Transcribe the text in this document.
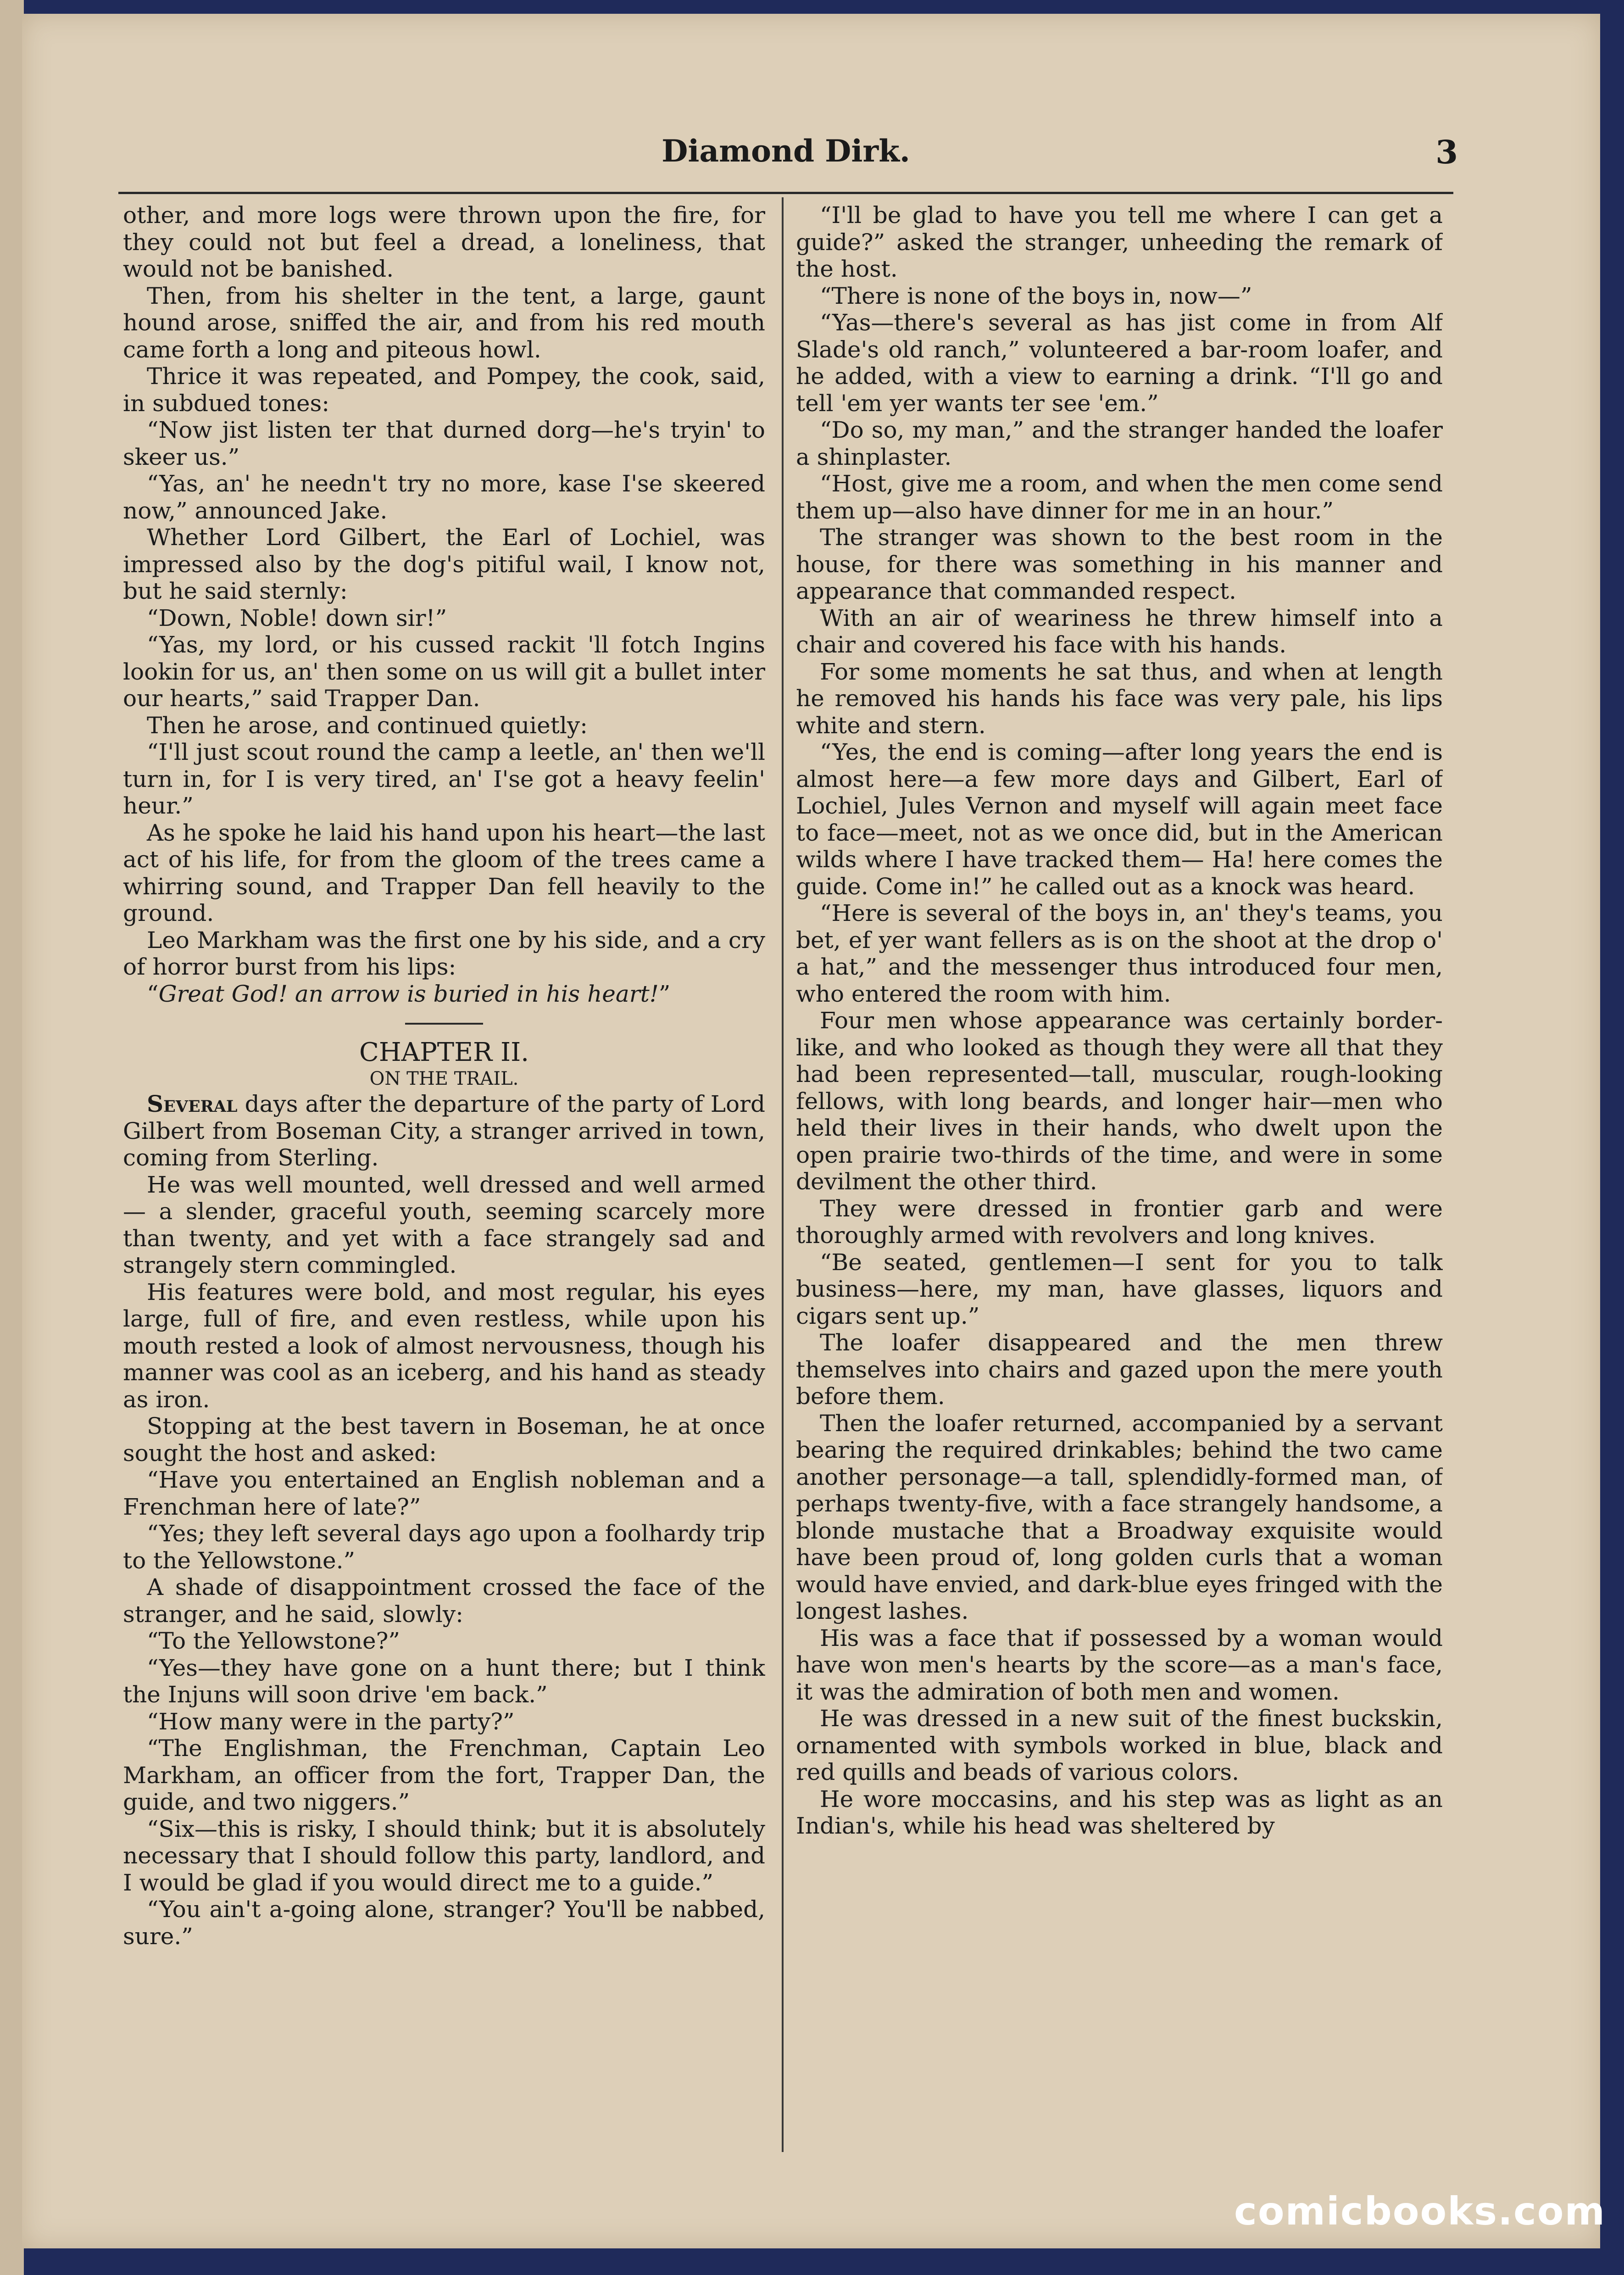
Diamond Dirk.	3

other, and more logs were thrown upon the fire, for they could not but feel a dread, a loneliness, that would not be banished.

Then, from his shelter in the tent, a large, gaunt hound arose, sniffed the air, and from his red mouth came forth a long and piteous howl.

Thrice it was repeated, and Pompey, the cook, said, in subdued tones:

“Now jist listen ter that durned dorg—he's tryin' to skeer us.”

“Yas, an' he needn't try no more, kase I'se skeered now,” announced Jake.

Whether Lord Gilbert, the Earl of Lochiel, was impressed also by the dog's pitiful wail, I know not, but he said sternly:

“Down, Noble! down sir!”

“Yas, my lord, or his cussed rackit 'll fotch Ingins lookin for us, an' then some on us will git a bullet inter our hearts,” said Trapper Dan.

Then he arose, and continued quietly:

“I'll just scout round the camp a leetle, an' then we'll turn in, for I is very tired, an' I'se got a heavy feelin' heur.”

As he spoke he laid his hand upon his heart—the last act of his life, for from the gloom of the trees came a whirring sound, and Trapper Dan fell heavily to the ground.

Leo Markham was the first one by his side, and a cry of horror burst from his lips:

“Great God! an arrow is buried in his heart!”

CHAPTER II.

ON THE TRAIL.

Several days after the departure of the party of Lord Gilbert from Boseman City, a stranger arrived in town, coming from Sterling.

He was well mounted, well dressed and well armed — a slender, graceful youth, seeming scarcely more than twenty, and yet with a face strangely sad and strangely stern commingled.

His features were bold, and most regular, his eyes large, full of fire, and even restless, while upon his mouth rested a look of almost nervousness, though his manner was cool as an iceberg, and his hand as steady as iron.

Stopping at the best tavern in Boseman, he at once sought the host and asked:

“Have you entertained an English nobleman and a Frenchman here of late?”

“Yes; they left several days ago upon a foolhardy trip to the Yellowstone.”

A shade of disappointment crossed the face of the stranger, and he said, slowly:

“To the Yellowstone?”

“Yes—they have gone on a hunt there; but I think the Injuns will soon drive 'em back.”

“How many were in the party?”

“The Englishman, the Frenchman, Captain Leo Markham, an officer from the fort, Trapper Dan, the guide, and two niggers.”

“Six—this is risky, I should think; but it is absolutely necessary that I should follow this party, landlord, and I would be glad if you would direct me to a guide.”

“You ain't a-going alone, stranger? You'll be nabbed, sure.”

“I'll be glad to have you tell me where I can get a guide?” asked the stranger, unheeding the remark of the host.

“There is none of the boys in, now—”

“Yas—there's several as has jist come in from Alf Slade's old ranch,” volunteered a bar-room loafer, and he added, with a view to earning a drink. “I'll go and tell 'em yer wants ter see 'em.”

“Do so, my man,” and the stranger handed the loafer a shinplaster.

“Host, give me a room, and when the men come send them up—also have dinner for me in an hour.”

The stranger was shown to the best room in the house, for there was something in his manner and appearance that commanded respect.

With an air of weariness he threw himself into a chair and covered his face with his hands.

For some moments he sat thus, and when at length he removed his hands his face was very pale, his lips white and stern.

“Yes, the end is coming—after long years the end is almost here—a few more days and Gilbert, Earl of Lochiel, Jules Vernon and myself will again meet face to face—meet, not as we once did, but in the American wilds where I have tracked them— Ha! here comes the guide. Come in!” he called out as a knock was heard.

“Here is several of the boys in, an' they's teams, you bet, ef yer want fellers as is on the shoot at the drop o' a hat,” and the messenger thus introduced four men, who entered the room with him.

Four men whose appearance was certainly border-like, and who looked as though they were all that they had been represented—tall, muscular, rough-looking fellows, with long beards, and longer hair—men who held their lives in their hands, who dwelt upon the open prairie two-thirds of the time, and were in some devilment the other third.

They were dressed in frontier garb and were thoroughly armed with revolvers and long knives.

“Be seated, gentlemen—I sent for you to talk business—here, my man, have glasses, liquors and cigars sent up.”

The loafer disappeared and the men threw themselves into chairs and gazed upon the mere youth before them.

Then the loafer returned, accompanied by a servant bearing the required drinkables; behind the two came another personage—a tall, splendidly-formed man, of perhaps twenty-five, with a face strangely handsome, a blonde mustache that a Broadway exquisite would have been proud of, long golden curls that a woman would have envied, and dark-blue eyes fringed with the longest lashes.

His was a face that if possessed by a woman would have won men's hearts by the score—as a man's face, it was the admiration of both men and women.

He was dressed in a new suit of the finest buckskin, ornamented with symbols worked in blue, black and red quills and beads of various colors.

He wore moccasins, and his step was as light as an Indian's, while his head was sheltered by

comicbooks.com
